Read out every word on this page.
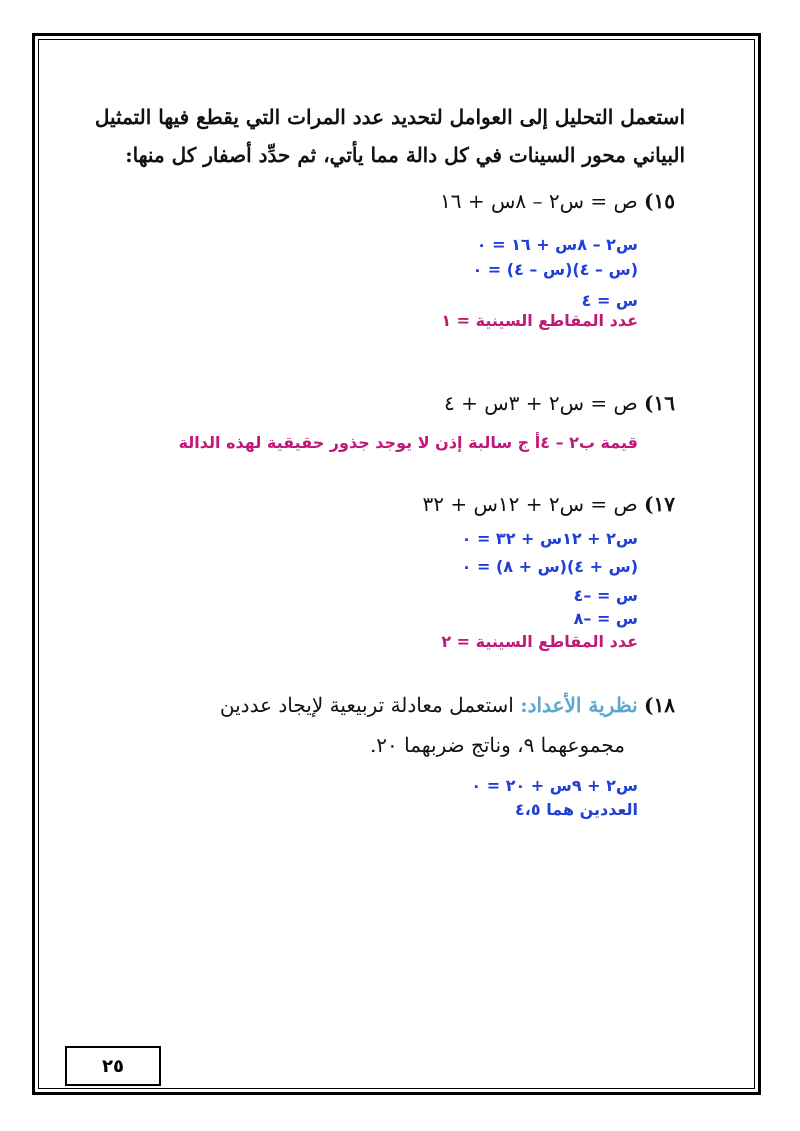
استعمل التحليل إلى العوامل لتحديد عدد المرات التي يقطع فيها التمثيل
البياني محور السينات في كل دالة مما يأتي، ثم حدِّد أصفار كل منها:
١٥) ص = س٢ – ٨س + ١٦
س٢ – ٨س + ١٦ = ٠
(س – ٤)(س – ٤) = ٠
س = ٤
عدد المقاطع السينية = ١
١٦) ص = س٢ + ٣س + ٤
قيمة ب٢ – ٤أ ج سالبة إذن لا يوجد جذور حقيقية لهذه الدالة
١٧) ص = س٢ + ١٢س + ٣٢
س٢ + ١٢س + ٣٢ = ٠
(س + ٤)(س + ٨) = ٠
س = –٤
س = –٨
عدد المقاطع السينية = ٢
١٨) نظرية الأعداد: استعمل معادلة تربيعية لإيجاد عددين
مجموعهما ٩، وناتج ضربهما ٢٠.
س٢ + ٩س + ٢٠ = ٠
العددين هما ٤،٥
٢٥
